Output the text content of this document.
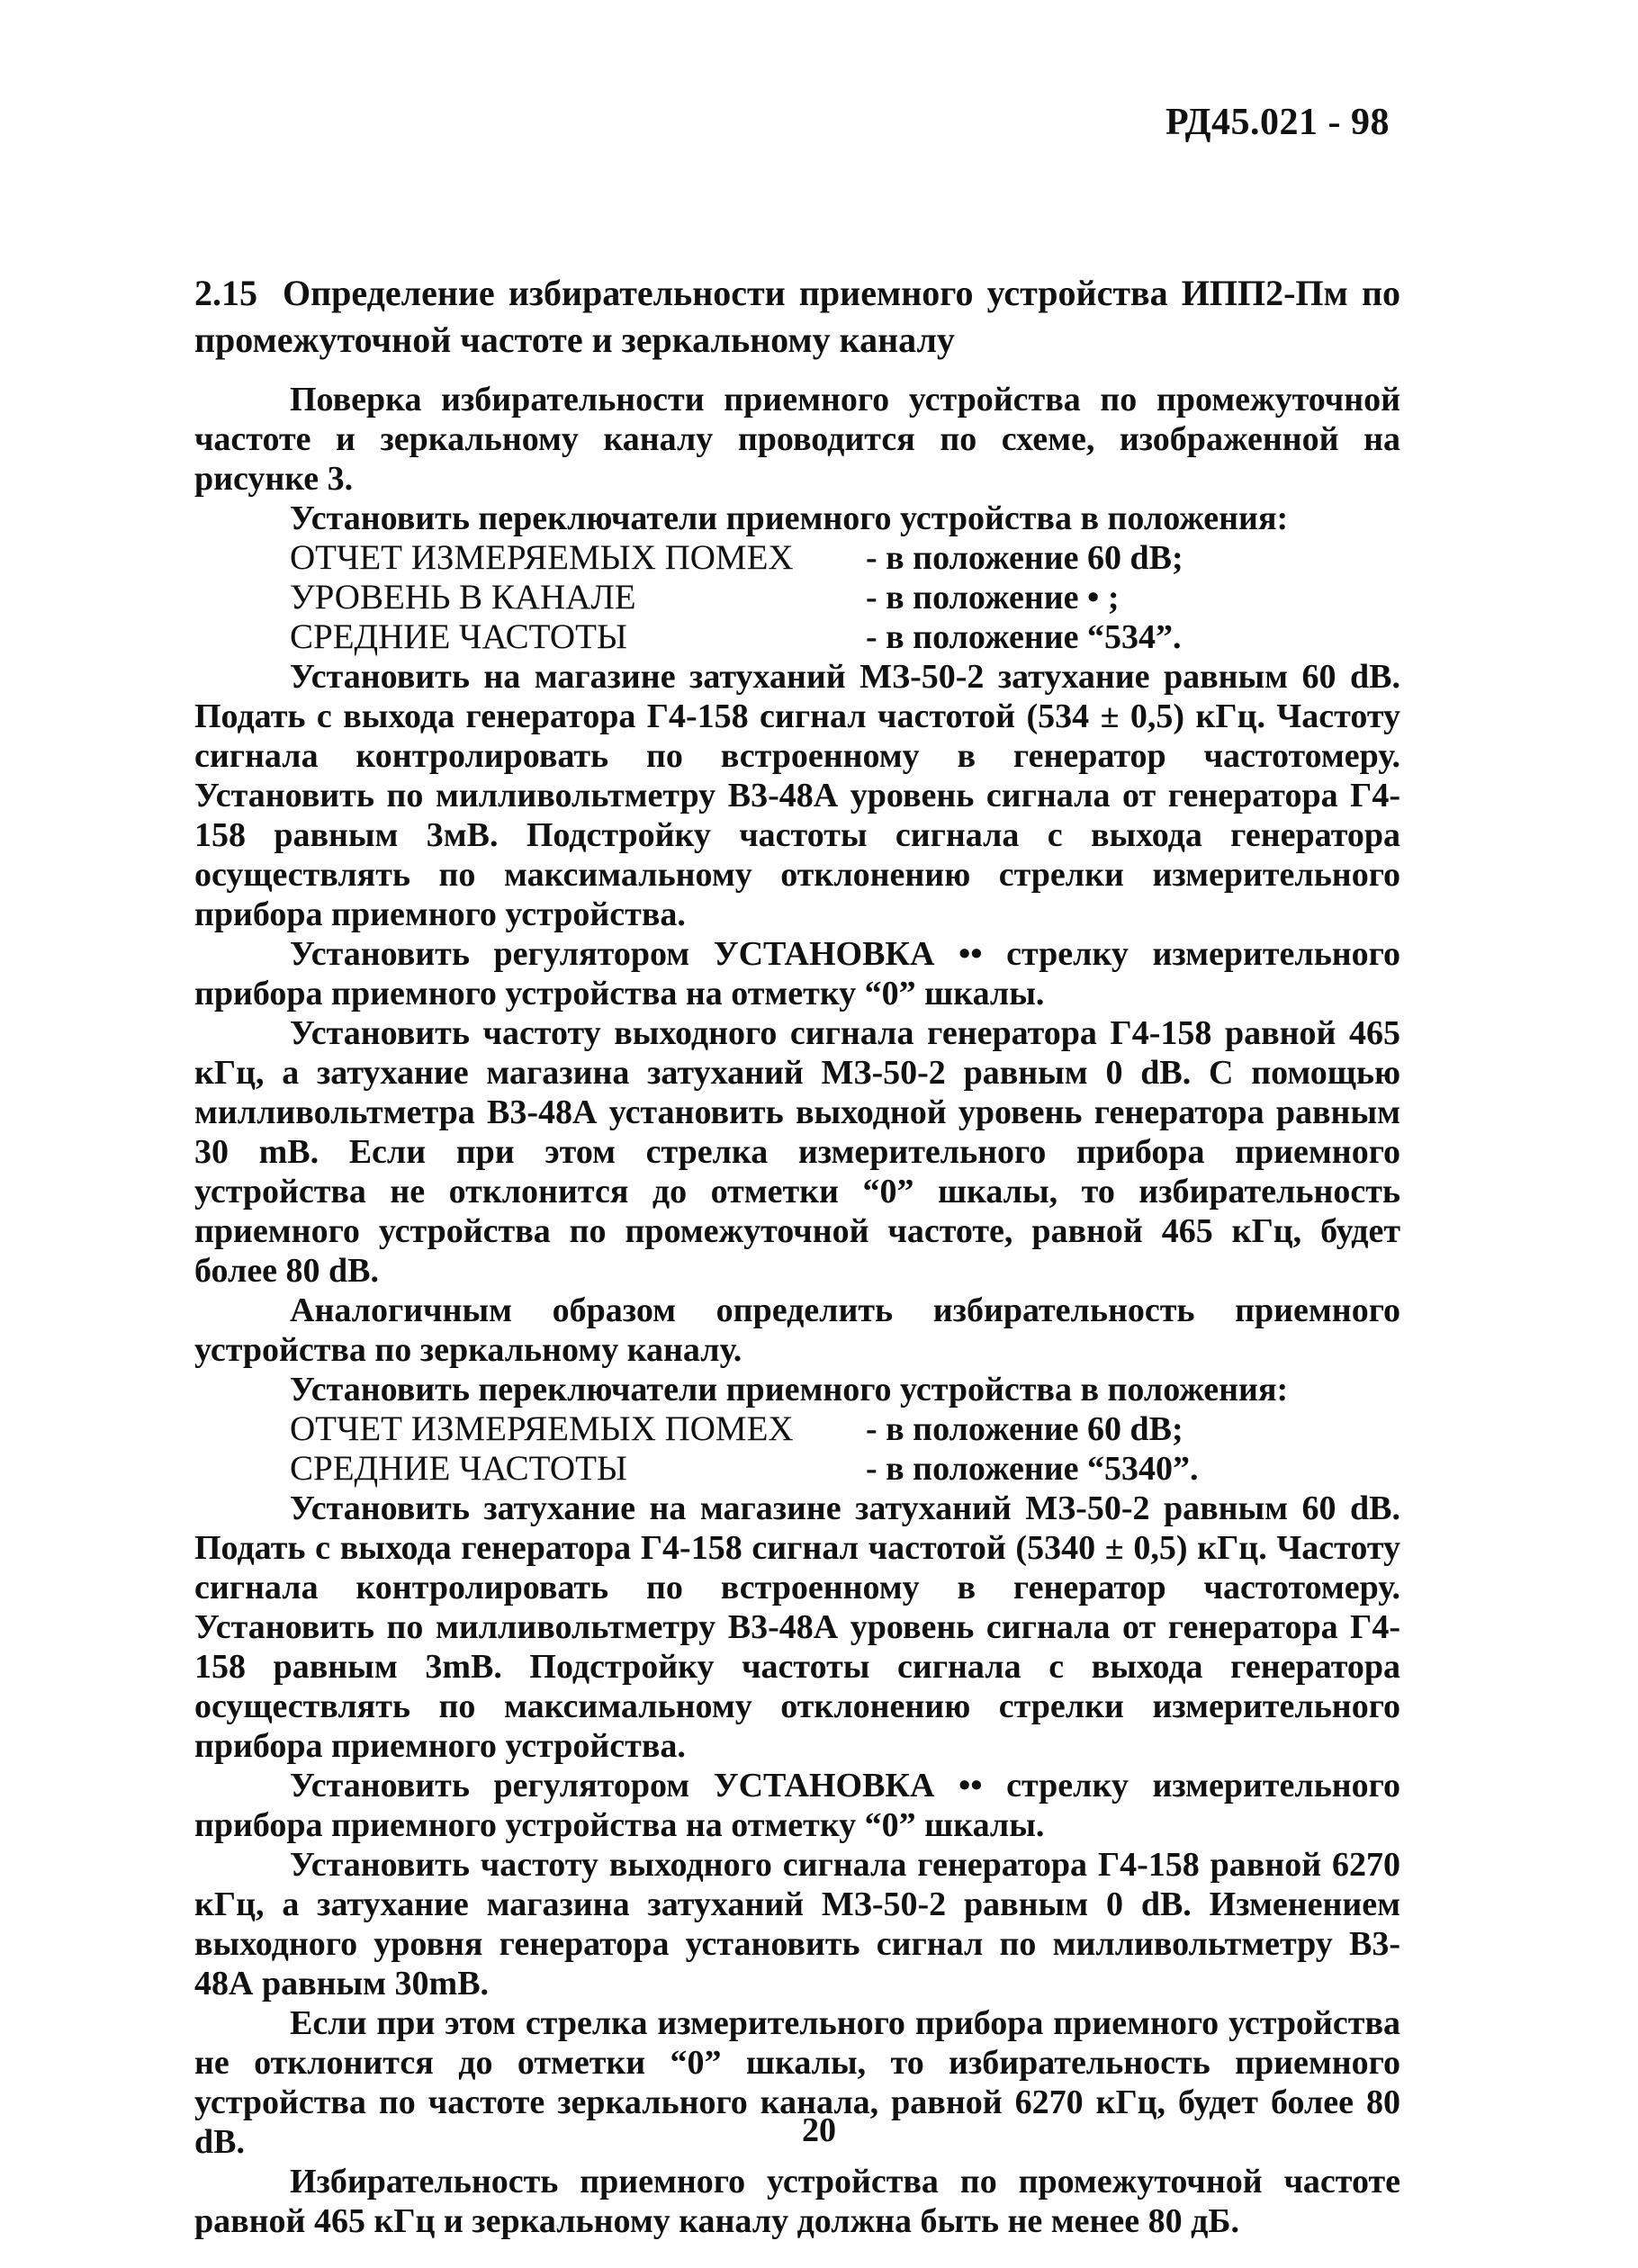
РД45.021 - 98
2.15 Определение избирательности приемного устройства ИПП2-Пм по промежуточной частоте и зеркальному каналу

Поверка избирательности приемного устройства по промежуточной частоте и зеркальному каналу проводится по схеме, изображенной на рисунке 3.

Установить переключатели приемного устройства в положения:

ОТЧЕТ ИЗМЕРЯЕМЫХ ПОМЕХ	- в положение 60 dB;
УРОВЕНЬ В КАНАЛЕ	- в положение • ;
СРЕДНИЕ ЧАСТОТЫ	- в положение “534”.

Установить на магазине затуханий МЗ-50-2 затухание равным 60 dB. Подать с выхода генератора Г4-158 сигнал частотой (534 ± 0,5) кГц. Частоту сигнала контролировать по встроенному в генератор частотомеру. Установить по милливольтметру В3-48А уровень сигнала от генератора Г4-158 равным 3мВ. Подстройку частоты сигнала с выхода генератора осуществлять по максимальному отклонению стрелки измерительного прибора приемного устройства.

Установить регулятором УСТАНОВКА •• стрелку измерительного прибора приемного устройства на отметку “0” шкалы.

Установить частоту выходного сигнала генератора Г4-158 равной 465 кГц, а затухание магазина затуханий МЗ-50-2 равным 0 dB. С помощью милливольтметра В3-48А установить выходной уровень генератора равным 30 mВ. Если при этом стрелка измерительного прибора приемного устройства не отклонится до отметки “0” шкалы, то избирательность приемного устройства по промежуточной частоте, равной 465 кГц, будет более 80 dB.

Аналогичным образом определить избирательность приемного устройства по зеркальному каналу.

Установить переключатели приемного устройства в положения:

ОТЧЕТ ИЗМЕРЯЕМЫХ ПОМЕХ	- в положение 60 dB;
СРЕДНИЕ ЧАСТОТЫ	- в положение “5340”.

Установить затухание на магазине затуханий МЗ-50-2 равным 60 dB. Подать с выхода генератора Г4-158 сигнал частотой (5340 ± 0,5) кГц. Частоту сигнала контролировать по встроенному в генератор частотомеру. Установить по милливольтметру В3-48А уровень сигнала от генератора Г4-158 равным 3mВ. Подстройку частоты сигнала с выхода генератора осуществлять по максимальному отклонению стрелки измерительного прибора приемного устройства.

Установить регулятором УСТАНОВКА •• стрелку измерительного прибора приемного устройства на отметку “0” шкалы.

Установить частоту выходного сигнала генератора Г4-158 равной 6270 кГц, а затухание магазина затуханий МЗ-50-2 равным 0 dB. Изменением выходного уровня генератора установить сигнал по милливольтметру В3-48А равным 30mВ.

Если при этом стрелка измерительного прибора приемного устройства не отклонится до отметки “0” шкалы, то избирательность приемного устройства по частоте зеркального канала, равной 6270 кГц, будет более 80 dB.

Избирательность приемного устройства по промежуточной частоте равной 465 кГц и зеркальному каналу должна быть не менее 80 дБ.

20
